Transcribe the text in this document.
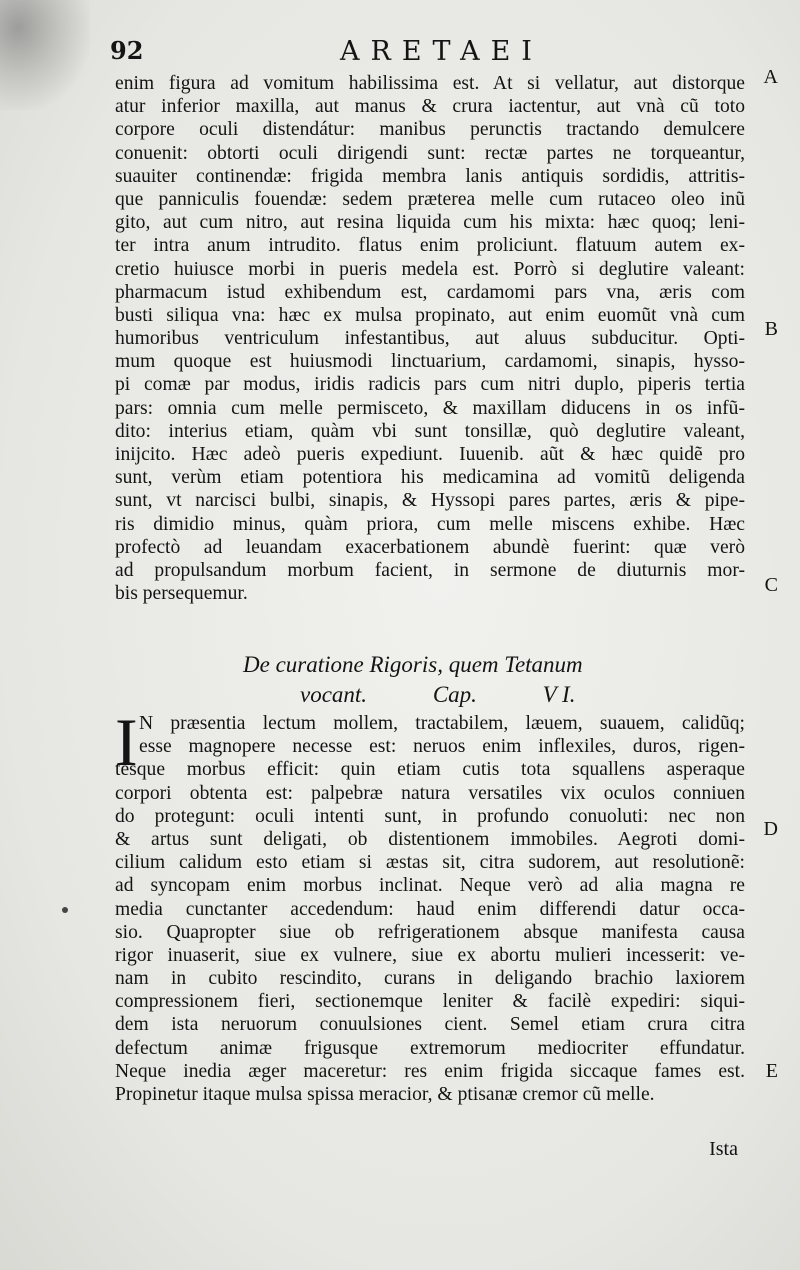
92	ARETAEI
A
B
C
D
E
enim figura ad vomitum habilissima est. At si vellatur, aut distorque
atur inferior maxilla, aut manus & crura iactentur, aut vnà cũ toto
corpore oculi distendátur: manibus perunctis tractando demulcere
conuenit: obtorti oculi dirigendi sunt: rectæ partes ne torqueantur,
suauiter continendæ: frigida membra lanis antiquis sordidis, attritis-
que panniculis fouendæ: sedem præterea melle cum rutaceo oleo inũ
gito, aut cum nitro, aut resina liquida cum his mixta: hæc quoq; leni-
ter intra anum intrudito. flatus enim proliciunt. flatuum autem ex-
cretio huiusce morbi in pueris medela est. Porrò si deglutire valeant:
pharmacum istud exhibendum est, cardamomi pars vna, æris com
busti siliqua vna: hæc ex mulsa propinato, aut enim euomũt vnà cum
humoribus ventriculum infestantibus, aut aluus subducitur. Opti-
mum quoque est huiusmodi linctuarium, cardamomi, sinapis, hysso-
pi comæ par modus, iridis radicis pars cum nitri duplo, piperis tertia
pars: omnia cum melle permisceto, & maxillam diducens in os infũ-
dito: interius etiam, quàm vbi sunt tonsillæ, quò deglutire valeant,
inijcito. Hæc adeò pueris expediunt. Iuuenib. aũt & hæc quidẽ pro
sunt, verùm etiam potentiora his medicamina ad vomitũ deligenda
sunt, vt narcisci bulbi, sinapis, & Hyssopi pares partes, æris & pipe-
ris dimidio minus, quàm priora, cum melle miscens exhibe. Hæc
profectò ad leuandam exacerbationem abundè fuerint: quæ verò
ad propulsandum morbum facient, in sermone de diuturnis mor-
bis persequemur.
De curatione Rigoris, quem Tetanum
vocant.	Cap.	V I.
I N præsentia lectum mollem, tractabilem, læuem, suauem, calidũq;
esse magnopere necesse est: neruos enim inflexiles, duros, rigen-
tesque morbus efficit: quin etiam cutis tota squallens asperaque
corpori obtenta est: palpebræ natura versatiles vix oculos conniuen
do protegunt: oculi intenti sunt, in profundo conuoluti: nec non
& artus sunt deligati, ob distentionem immobiles. Aegroti domi-
cilium calidum esto etiam si æstas sit, citra sudorem, aut resolutionẽ:
ad syncopam enim morbus inclinat. Neque verò ad alia magna re
media cunctanter accedendum: haud enim differendi datur occa-
sio. Quapropter siue ob refrigerationem absque manifesta causa
rigor inuaserit, siue ex vulnere, siue ex abortu mulieri incesserit: ve-
nam in cubito rescindito, curans in deligando brachio laxiorem
compressionem fieri, sectionemque leniter & facilè expediri: siqui-
dem ista neruorum conuulsiones cient. Semel etiam crura citra
defectum animæ frigusque extremorum mediocriter effundatur.
Neque inedia æger maceretur: res enim frigida siccaque fames est.
Propinetur itaque mulsa spissa meracior, & ptisanæ cremor cũ melle.
Ista
